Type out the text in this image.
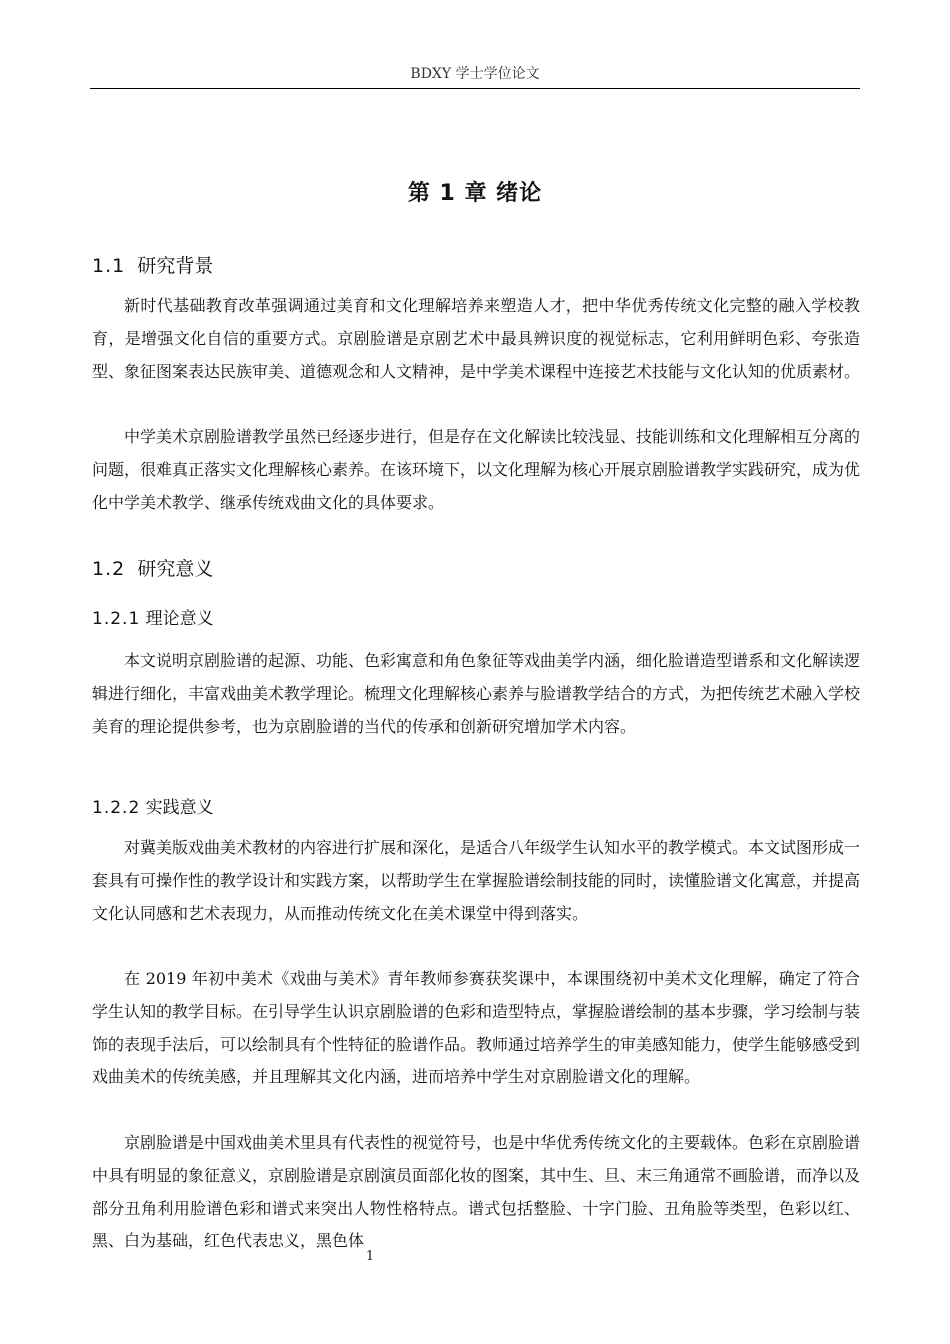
BDXY 学士学位论文
第 1 章 绪论
1.1 研究背景

新时代基础教育改革强调通过美育和文化理解培养来塑造人才，把中华优秀传统文化完整的融入学校教育，是增强文化自信的重要方式。京剧脸谱是京剧艺术中最具辨识度的视觉标志，它利用鲜明色彩、夸张造型、象征图案表达民族审美、道德观念和人文精神，是中学美术课程中连接艺术技能与文化认知的优质素材。

中学美术京剧脸谱教学虽然已经逐步进行，但是存在文化解读比较浅显、技能训练和文化理解相互分离的问题，很难真正落实文化理解核心素养。在该环境下，以文化理解为核心开展京剧脸谱教学实践研究，成为优化中学美术教学、继承传统戏曲文化的具体要求。

1.2 研究意义
1.2.1 理论意义

本文说明京剧脸谱的起源、功能、色彩寓意和角色象征等戏曲美学内涵，细化脸谱造型谱系和文化解读逻辑进行细化，丰富戏曲美术教学理论。梳理文化理解核心素养与脸谱教学结合的方式，为把传统艺术融入学校美育的理论提供参考，也为京剧脸谱的当代的传承和创新研究增加学术内容。

1.2.2 实践意义

对冀美版戏曲美术教材的内容进行扩展和深化，是适合八年级学生认知水平的教学模式。本文试图形成一套具有可操作性的教学设计和实践方案，以帮助学生在掌握脸谱绘制技能的同时，读懂脸谱文化寓意，并提高文化认同感和艺术表现力，从而推动传统文化在美术课堂中得到落实。

在 2019 年初中美术《戏曲与美术》青年教师参赛获奖课中，本课围绕初中美术文化理解，确定了符合学生认知的教学目标。在引导学生认识京剧脸谱的色彩和造型特点，掌握脸谱绘制的基本步骤，学习绘制与装饰的表现手法后，可以绘制具有个性特征的脸谱作品。教师通过培养学生的审美感知能力，使学生能够感受到戏曲美术的传统美感，并且理解其文化内涵，进而培养中学生对京剧脸谱文化的理解。

京剧脸谱是中国戏曲美术里具有代表性的视觉符号，也是中华优秀传统文化的主要载体。色彩在京剧脸谱中具有明显的象征意义，京剧脸谱是京剧演员面部化妆的图案，其中生、旦、末三角通常不画脸谱，而净以及部分丑角利用脸谱色彩和谱式来突出人物性格特点。谱式包括整脸、十字门脸、丑角脸等类型，色彩以红、黑、白为基础，红色代表忠义，黑色体

1
